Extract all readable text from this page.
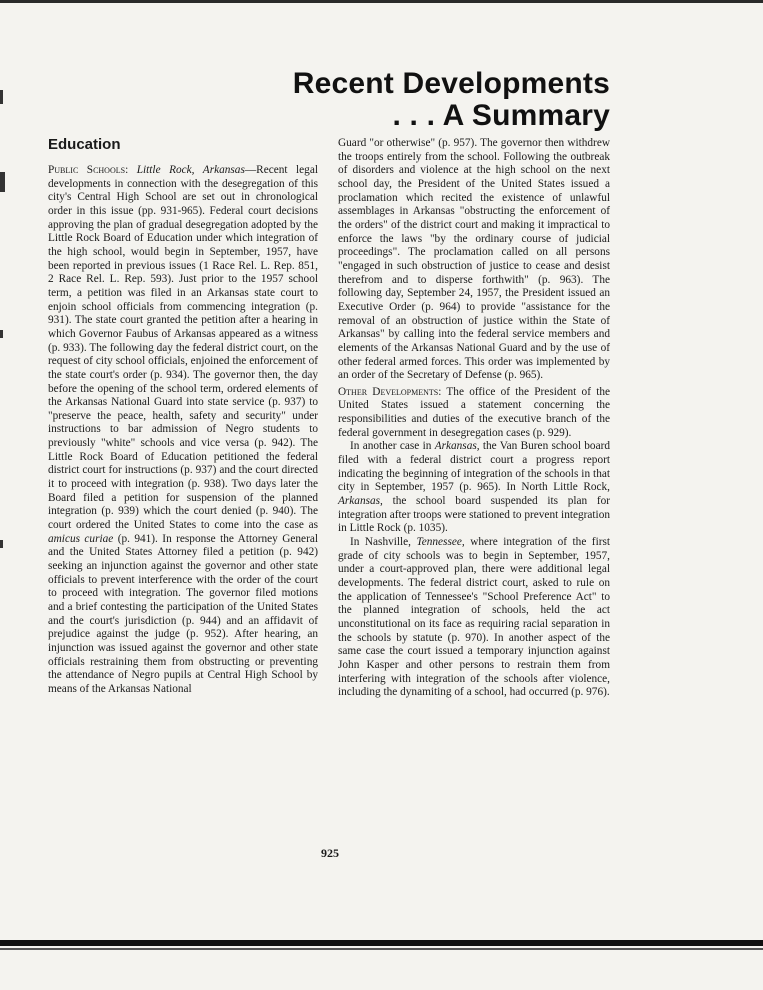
Recent Developments
. . . A Summary
Education

Public Schools: Little Rock, Arkansas—Recent legal developments in connection with the desegregation of this city's Central High School are set out in chronological order in this issue (pp. 931-965). Federal court decisions approving the plan of gradual desegregation adopted by the Little Rock Board of Education under which integration of the high school, would begin in September, 1957, have been reported in previous issues (1 Race Rel. L. Rep. 851, 2 Race Rel. L. Rep. 593). Just prior to the 1957 school term, a petition was filed in an Arkansas state court to enjoin school officials from commencing integration (p. 931). The state court granted the petition after a hearing in which Governor Faubus of Arkansas appeared as a witness (p. 933). The following day the federal district court, on the request of city school officials, enjoined the enforcement of the state court's order (p. 934). The governor then, the day before the opening of the school term, ordered elements of the Arkansas National Guard into state service (p. 937) to "preserve the peace, health, safety and security" under instructions to bar admission of Negro students to previously "white" schools and vice versa (p. 942). The Little Rock Board of Education petitioned the federal district court for instructions (p. 937) and the court directed it to proceed with integration (p. 938). Two days later the Board filed a petition for suspension of the planned integration (p. 939) which the court denied (p. 940). The court ordered the United States to come into the case as amicus curiae (p. 941). In response the Attorney General and the United States Attorney filed a petition (p. 942) seeking an injunction against the governor and other state officials to prevent interference with the order of the court to proceed with integration. The governor filed motions and a brief contesting the participation of the United States and the court's jurisdiction (p. 944) and an affidavit of prejudice against the judge (p. 952). After hearing, an injunction was issued against the governor and other state officials restraining them from obstructing or preventing the attendance of Negro pupils at Central High School by means of the Arkansas National

Guard "or otherwise" (p. 957). The governor then withdrew the troops entirely from the school. Following the outbreak of disorders and violence at the high school on the next school day, the President of the United States issued a proclamation which recited the existence of unlawful assemblages in Arkansas "obstructing the enforcement of the orders" of the district court and making it impractical to enforce the laws "by the ordinary course of judicial proceedings". The proclamation called on all persons "engaged in such obstruction of justice to cease and desist therefrom and to disperse forthwith" (p. 963). The following day, September 24, 1957, the President issued an Executive Order (p. 964) to provide "assistance for the removal of an obstruction of justice within the State of Arkansas" by calling into the federal service members and elements of the Arkansas National Guard and by the use of other federal armed forces. This order was implemented by an order of the Secretary of Defense (p. 965).

Other Developments: The office of the President of the United States issued a statement concerning the responsibilities and duties of the executive branch of the federal government in desegregation cases (p. 929).

In another case in Arkansas, the Van Buren school board filed with a federal district court a progress report indicating the beginning of integration of the schools in that city in September, 1957 (p. 965). In North Little Rock, Arkansas, the school board suspended its plan for integration after troops were stationed to prevent integration in Little Rock (p. 1035).

In Nashville, Tennessee, where integration of the first grade of city schools was to begin in September, 1957, under a court-approved plan, there were additional legal developments. The federal district court, asked to rule on the application of Tennessee's "School Preference Act" to the planned integration of schools, held the act unconstitutional on its face as requiring racial separation in the schools by statute (p. 970). In another aspect of the same case the court issued a temporary injunction against John Kasper and other persons to restrain them from interfering with integration of the schools after violence, including the dynamiting of a school, had occurred (p. 976).

925
